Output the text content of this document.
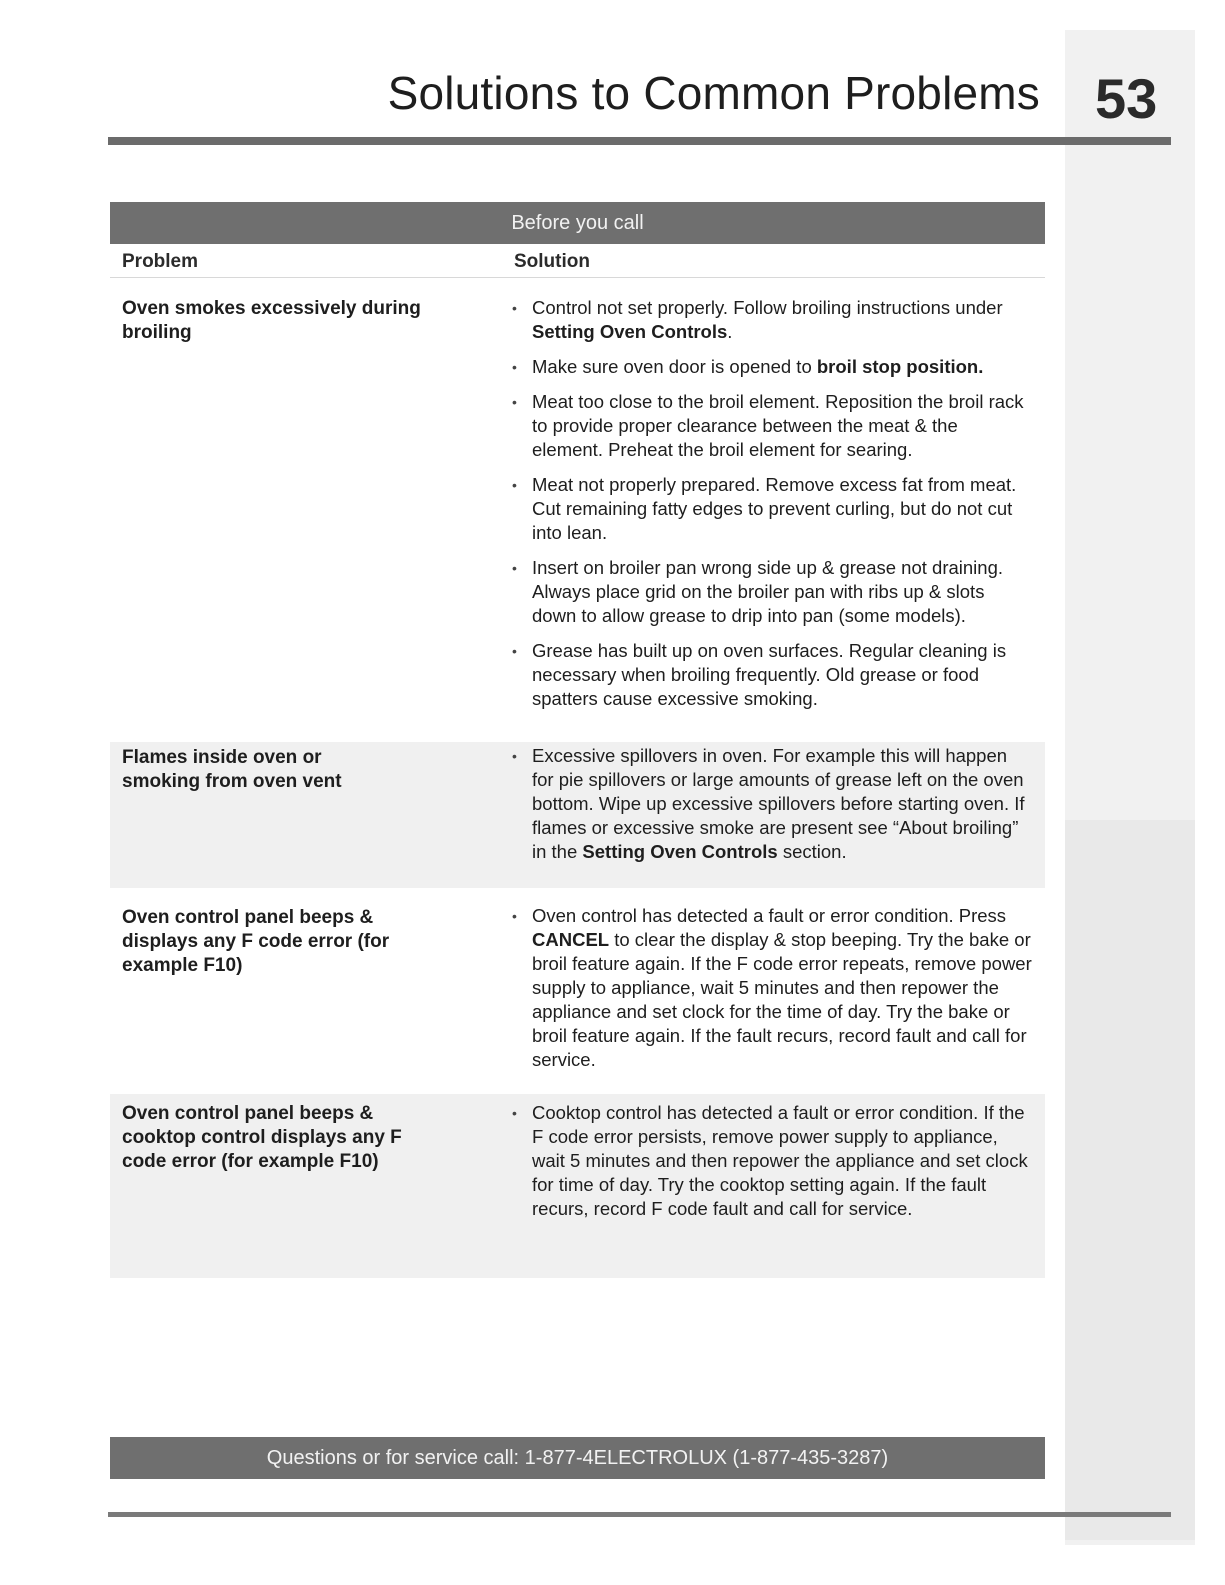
Solutions to Common Problems 53
Before you call
Problem	Solution
Oven smokes excessively during broiling
• Control not set properly. Follow broiling instructions under Setting Oven Controls.
• Make sure oven door is opened to broil stop position.
• Meat too close to the broil element. Reposition the broil rack to provide proper clearance between the meat & the element. Preheat the broil element for searing.
• Meat not properly prepared. Remove excess fat from meat. Cut remaining fatty edges to prevent curling, but do not cut into lean.
• Insert on broiler pan wrong side up & grease not draining. Always place grid on the broiler pan with ribs up & slots down to allow grease to drip into pan (some models).
• Grease has built up on oven surfaces. Regular cleaning is necessary when broiling frequently. Old grease or food spatters cause excessive smoking.
Flames inside oven or smoking from oven vent
• Excessive spillovers in oven. For example this will happen for pie spillovers or large amounts of grease left on the oven bottom. Wipe up excessive spillovers before starting oven. If flames or excessive smoke are present see “About broiling” in the Setting Oven Controls section.
Oven control panel beeps & displays any F code error (for example F10)
• Oven control has detected a fault or error condition. Press CANCEL to clear the display & stop beeping. Try the bake or broil feature again. If the F code error repeats, remove power supply to appliance, wait 5 minutes and then repower the appliance and set clock for the time of day. Try the bake or broil feature again. If the fault recurs, record fault and call for service.
Oven control panel beeps & cooktop control displays any F code error (for example F10)
• Cooktop control has detected a fault or error condition. If the F code error persists, remove power supply to appliance, wait 5 minutes and then repower the appliance and set clock for time of day. Try the cooktop setting again. If the fault recurs, record F code fault and call for service.
Questions or for service call: 1-877-4ELECTROLUX (1-877-435-3287)
